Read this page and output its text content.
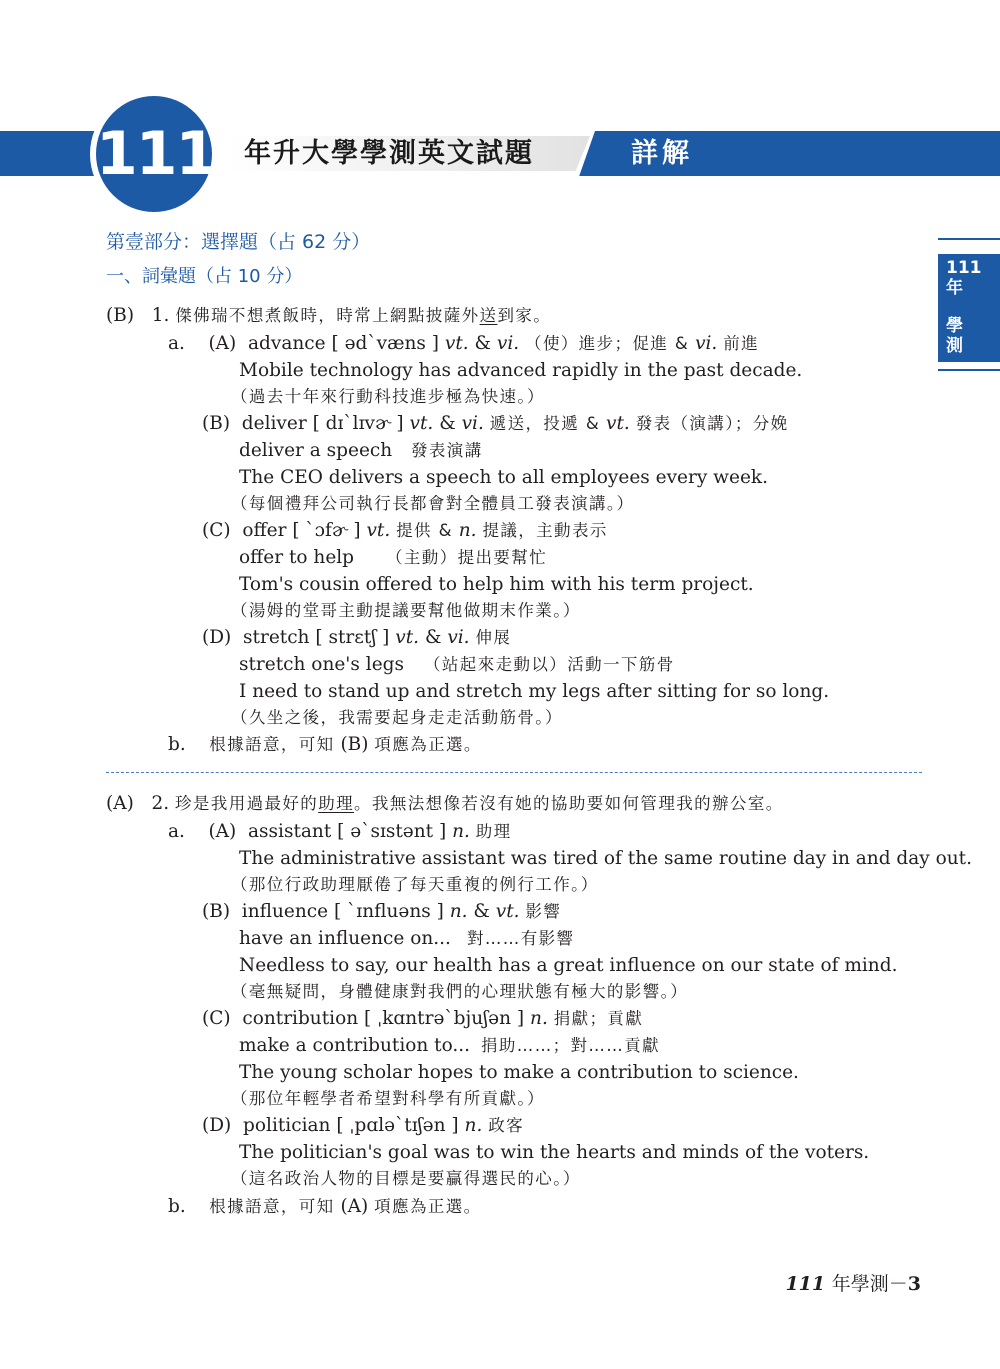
年升大學學測英文試題	詳解
111
111
年
學
測
第壹部分：選擇題（占 62 分）
一、詞彙題（占 10 分）
(B) 1. 傑佛瑞不想煮飯時，時常上網點披薩外送到家。
a. (A) advance [ ədˋvæns ] vt. & vi. （使）進步；促進 & vi. 前進
Mobile technology has advanced rapidly in the past decade.
（過去十年來行動科技進步極為快速。）
(B) deliver [ dɪˋlɪvɚ ] vt. & vi. 遞送，投遞 & vt. 發表（演講）；分娩
deliver a speech 發表演講
The CEO delivers a speech to all employees every week.
（每個禮拜公司執行長都會對全體員工發表演講。）
(C) offer [ ˋɔfɚ ] vt. 提供 & n. 提議，主動表示
offer to help （主動）提出要幫忙
Tom's cousin offered to help him with his term project.
（湯姆的堂哥主動提議要幫他做期末作業。）
(D) stretch [ strɛtʃ ] vt. & vi. 伸展
stretch one's legs （站起來走動以）活動一下筋骨
I need to stand up and stretch my legs after sitting for so long.
（久坐之後，我需要起身走走活動筋骨。）
b. 根據語意，可知 (B) 項應為正選。
(A) 2. 珍是我用過最好的助理。我無法想像若沒有她的協助要如何管理我的辦公室。
a. (A) assistant [ əˋsɪstənt ] n. 助理
The administrative assistant was tired of the same routine day in and day out.
（那位行政助理厭倦了每天重複的例行工作。）
(B) influence [ ˋɪnfluəns ] n. & vt. 影響
have an influence on... 對……有影響
Needless to say, our health has a great influence on our state of mind.
（毫無疑問，身體健康對我們的心理狀態有極大的影響。）
(C) contribution [ ˌkɑntrəˋbjuʃən ] n. 捐獻；貢獻
make a contribution to... 捐助……；對……貢獻
The young scholar hopes to make a contribution to science.
（那位年輕學者希望對科學有所貢獻。）
(D) politician [ ˌpɑləˋtɪʃən ] n. 政客
The politician's goal was to win the hearts and minds of the voters.
（這名政治人物的目標是要贏得選民的心。）
b. 根據語意，可知 (A) 項應為正選。
111 年學測－3
